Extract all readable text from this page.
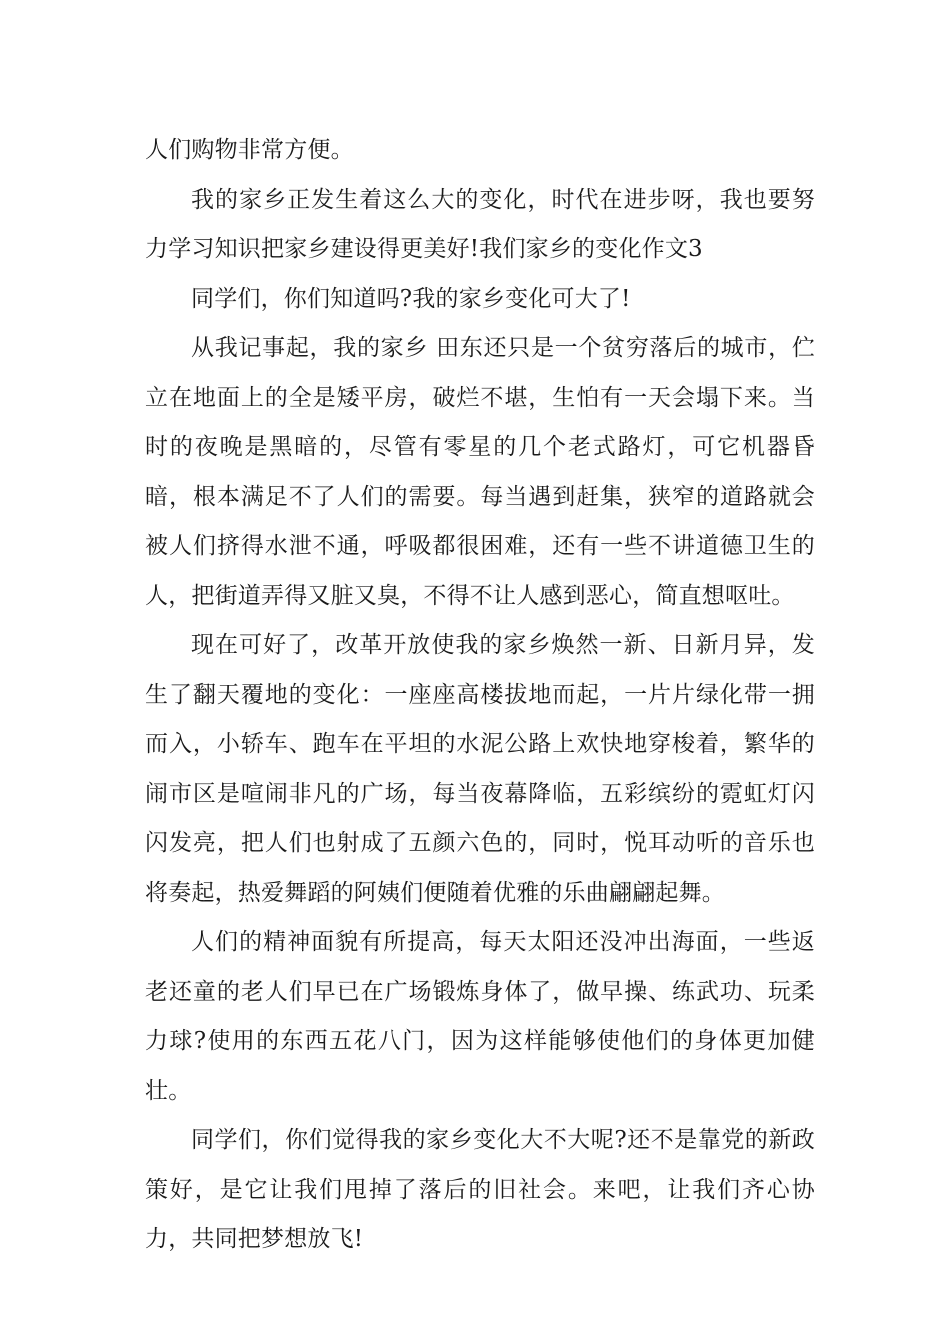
人们购物非常方便。

我的家乡正发生着这么大的变化，时代在进步呀，我也要努力学习知识把家乡建设得更美好!我们家乡的变化作文3

同学们，你们知道吗?我的家乡变化可大了!

从我记事起，我的家乡 田东还只是一个贫穷落后的城市，伫立在地面上的全是矮平房，破烂不堪，生怕有一天会塌下来。当时的夜晚是黑暗的，尽管有零星的几个老式路灯，可它机器昏暗，根本满足不了人们的需要。每当遇到赶集，狭窄的道路就会被人们挤得水泄不通，呼吸都很困难，还有一些不讲道德卫生的人，把街道弄得又脏又臭，不得不让人感到恶心，简直想呕吐。

现在可好了，改革开放使我的家乡焕然一新、日新月异，发生了翻天覆地的变化：一座座高楼拔地而起，一片片绿化带一拥而入，小轿车、跑车在平坦的水泥公路上欢快地穿梭着，繁华的闹市区是喧闹非凡的广场，每当夜幕降临，五彩缤纷的霓虹灯闪闪发亮，把人们也射成了五颜六色的，同时，悦耳动听的音乐也将奏起，热爱舞蹈的阿姨们便随着优雅的乐曲翩翩起舞。

人们的精神面貌有所提高，每天太阳还没冲出海面，一些返老还童的老人们早已在广场锻炼身体了，做早操、练武功、玩柔力球?使用的东西五花八门，因为这样能够使他们的身体更加健壮。

同学们，你们觉得我的家乡变化大不大呢?还不是靠党的新政策好，是它让我们甩掉了落后的旧社会。来吧，让我们齐心协力，共同把梦想放飞!
